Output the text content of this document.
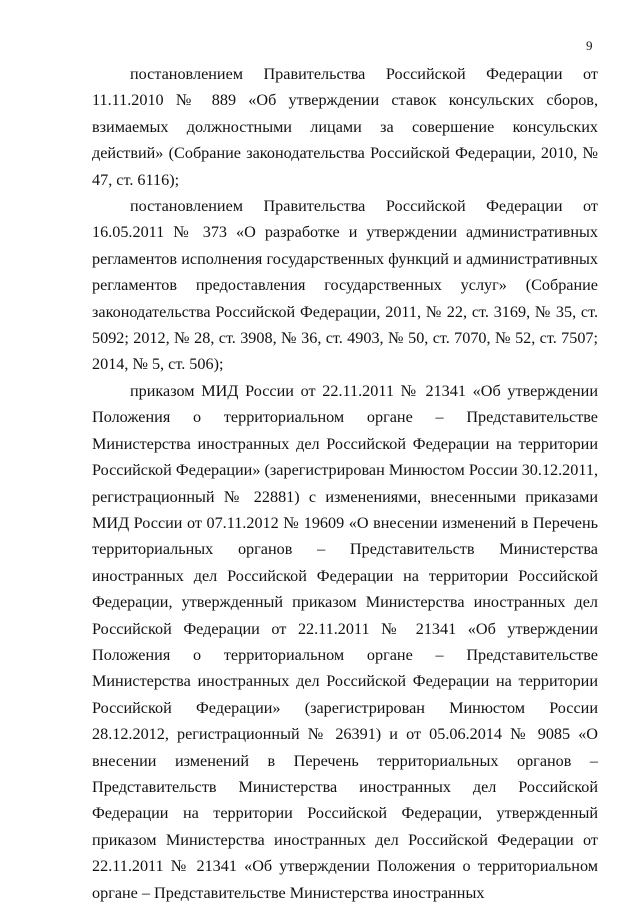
9

постановлением Правительства Российской Федерации от 11.11.2010 № 889 «Об утверждении ставок консульских сборов, взимаемых должностными лицами за совершение консульских действий» (Собрание законодательства Российской Федерации, 2010, № 47, ст. 6116);

постановлением Правительства Российской Федерации от 16.05.2011 № 373 «О разработке и утверждении административных регламентов исполнения государственных функций и административных регламентов предоставления государственных услуг» (Собрание законодательства Российской Федерации, 2011, № 22, ст. 3169, № 35, ст. 5092; 2012, № 28, ст. 3908, № 36, ст. 4903, № 50, ст. 7070, № 52, ст. 7507; 2014, № 5, ст. 506);

приказом МИД России от 22.11.2011 № 21341 «Об утверждении Положения о территориальном органе – Представительстве Министерства иностранных дел Российской Федерации на территории Российской Федерации» (зарегистрирован Минюстом России 30.12.2011, регистрационный № 22881) с изменениями, внесенными приказами МИД России от 07.11.2012 № 19609 «О внесении изменений в Перечень территориальных органов – Представительств Министерства иностранных дел Российской Федерации на территории Российской Федерации, утвержденный приказом Министерства иностранных дел Российской Федерации от 22.11.2011 № 21341 «Об утверждении Положения о территориальном органе – Представительстве Министерства иностранных дел Российской Федерации на территории Российской Федерации» (зарегистрирован Минюстом России 28.12.2012, регистрационный № 26391) и от 05.06.2014 № 9085 «О внесении изменений в Перечень территориальных органов – Представительств Министерства иностранных дел Российской Федерации на территории Российской Федерации, утвержденный приказом Министерства иностранных дел Российской Федерации от 22.11.2011 № 21341 «Об утверждении Положения о территориальном органе – Представительстве Министерства иностранных
